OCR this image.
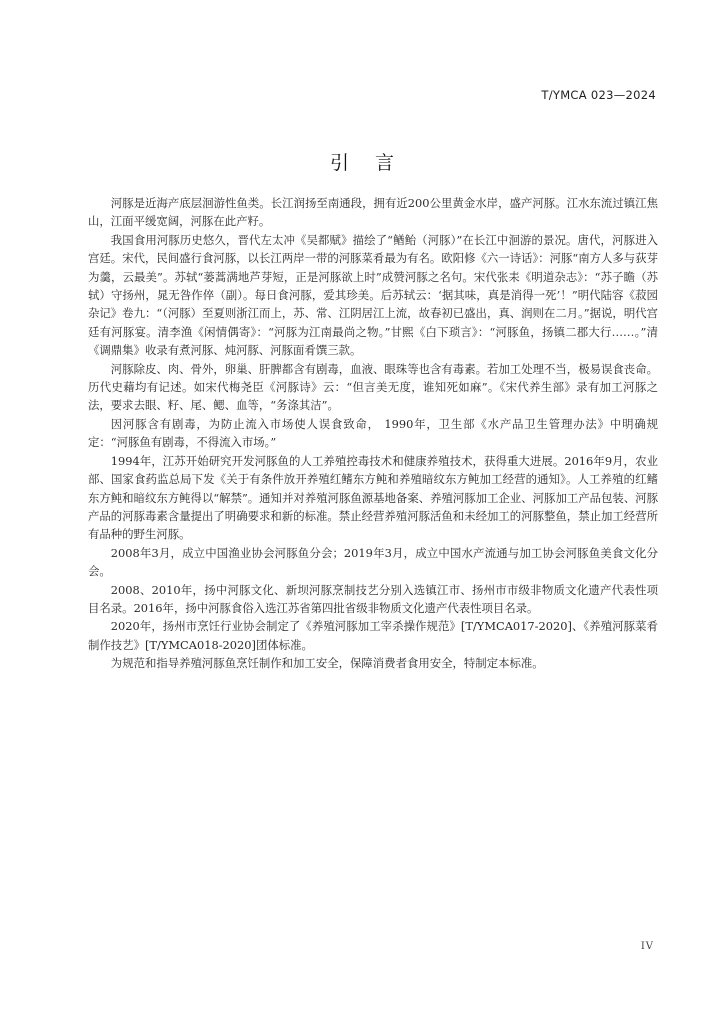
T/YMCA 023—2024
引言

河豚是近海产底层洄游性鱼类。长江润扬至南通段，拥有近200公里黄金水岸，盛产河豚。江水东流过镇江焦山，江面平缓宽阔，河豚在此产籽。

我国食用河豚历史悠久，晋代左太冲《吴都赋》描绘了“䲡鲐（河豚）”在长江中洄游的景况。唐代，河豚进入宫廷。宋代，民间盛行食河豚，以长江两岸一带的河豚菜肴最为有名。欧阳修《六一诗话》：河豚“南方人多与荻芽为羹，云最美”。苏轼“蒌蒿满地芦芽短，正是河豚欲上时”成赞河豚之名句。宋代张耒《明道杂志》：“苏子瞻（苏轼）守扬州，晁无咎作倅（副）。每日食河豚，爱其珍美。后苏轼云：‘据其味，真是消得一死’！”明代陆容《菽园杂记》卷九：“（河豚）至夏则浙江而上，苏、常、江阴居江上流，故春初已盛出，真、润则在二月。”据说，明代宫廷有河豚宴。清李渔《闲情偶寄》：“河豚为江南最尚之物。”甘熙《白下琐言》：“河豚鱼，扬镇二郡大行……。”清《调鼎集》收录有煮河豚、炖河豚、河豚面肴馔三款。

河豚除皮、肉、骨外，卵巢、肝脾都含有剧毒，血液、眼珠等也含有毒素。若加工处理不当，极易误食丧命。历代史藉均有记述。如宋代梅尧臣《河豚诗》云：“但言美无度，谁知死如麻”。《宋代养生部》录有加工河豚之法，要求去眼、籽、尾、鳃、血等，“务涤其洁”。

因河豚含有剧毒，为防止流入市场使人误食致命， 1990年，卫生部《水产品卫生管理办法》中明确规定：“河豚鱼有剧毒，不得流入市场。”

1994年，江苏开始研究开发河豚鱼的人工养殖控毒技术和健康养殖技术，获得重大进展。2016年9月，农业部、国家食药监总局下发《关于有条件放开养殖红鳍东方鲀和养殖暗纹东方鲀加工经营的通知》。人工养殖的红鳍东方鲀和暗纹东方鲀得以“解禁”。通知并对养殖河豚鱼源基地备案、养殖河豚加工企业、河豚加工产品包装、河豚产品的河豚毒素含量提出了明确要求和新的标准。禁止经营养殖河豚活鱼和未经加工的河豚整鱼，禁止加工经营所有品种的野生河豚。

2008年3月，成立中国渔业协会河豚鱼分会；2019年3月，成立中国水产流通与加工协会河豚鱼美食文化分会。

2008、2010年，扬中河豚文化、新坝河豚烹制技艺分别入选镇江市、扬州市市级非物质文化遗产代表性项目名录。2016年，扬中河豚食俗入选江苏省第四批省级非物质文化遗产代表性项目名录。

2020年，扬州市烹饪行业协会制定了《养殖河豚加工宰杀操作规范》[T/YMCA017-2020]、《养殖河豚菜肴制作技艺》[T/YMCA018-2020]团体标准。

为规范和指导养殖河豚鱼烹饪制作和加工安全，保障消费者食用安全，特制定本标准。

IV
